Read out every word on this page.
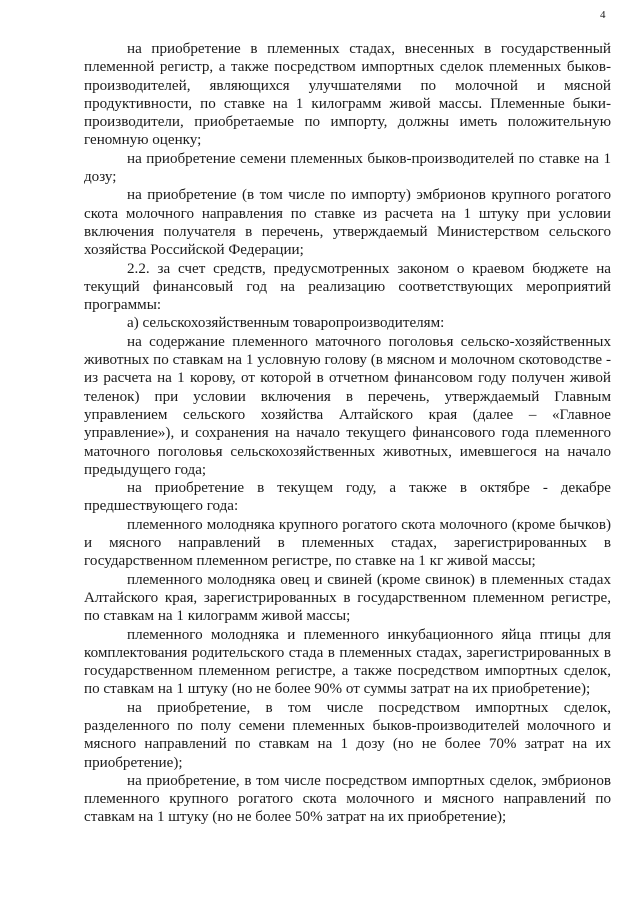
4

на приобретение в племенных стадах, внесенных в государственный племенной регистр, а также посредством импортных сделок племенных быков-производителей, являющихся улучшателями по молочной и мясной продуктивности, по ставке на 1 килограмм живой массы. Племенные быки-производители, приобретаемые по импорту, должны иметь положительную геномную оценку;

на приобретение семени племенных быков-производителей по ставке на 1 дозу;

на приобретение (в том числе по импорту) эмбрионов крупного рогатого скота молочного направления по ставке из расчета на 1 штуку при условии включения получателя в перечень, утверждаемый Министерством сельского хозяйства Российской Федерации;

2.2. за счет средств, предусмотренных законом о краевом бюджете на текущий финансовый год на реализацию соответствующих мероприятий программы:

а) сельскохозяйственным товаропроизводителям:

на содержание племенного маточного поголовья сельско-хозяйственных животных по ставкам на 1 условную голову (в мясном и молочном скотоводстве - из расчета на 1 корову, от которой в отчетном финансовом году получен живой теленок) при условии включения в перечень, утверждаемый Главным управлением сельского хозяйства Алтайского края (далее – «Главное управление»), и сохранения на начало текущего финансового года племенного маточного поголовья сельскохозяйственных животных, имевшегося на начало предыдущего года;

на приобретение в текущем году, а также в октябре - декабре предшествующего года:

племенного молодняка крупного рогатого скота молочного (кроме бычков) и мясного направлений в племенных стадах, зарегистрированных в государственном племенном регистре, по ставке на 1 кг живой массы;

племенного молодняка овец и свиней (кроме свинок) в племенных стадах Алтайского края, зарегистрированных в государственном племенном регистре, по ставкам на 1 килограмм живой массы;

племенного молодняка и племенного инкубационного яйца птицы для комплектования родительского стада в племенных стадах, зарегистрированных в государственном племенном регистре, а также посредством импортных сделок, по ставкам на 1 штуку (но не более 90% от суммы затрат на их приобретение);

на приобретение, в том числе посредством импортных сделок, разделенного по полу семени племенных быков-производителей молочного и мясного направлений по ставкам на 1 дозу (но не более 70% затрат на их приобретение);

на приобретение, в том числе посредством импортных сделок, эмбрионов племенного крупного рогатого скота молочного и мясного направлений по ставкам на 1 штуку (но не более 50% затрат на их приобретение);
